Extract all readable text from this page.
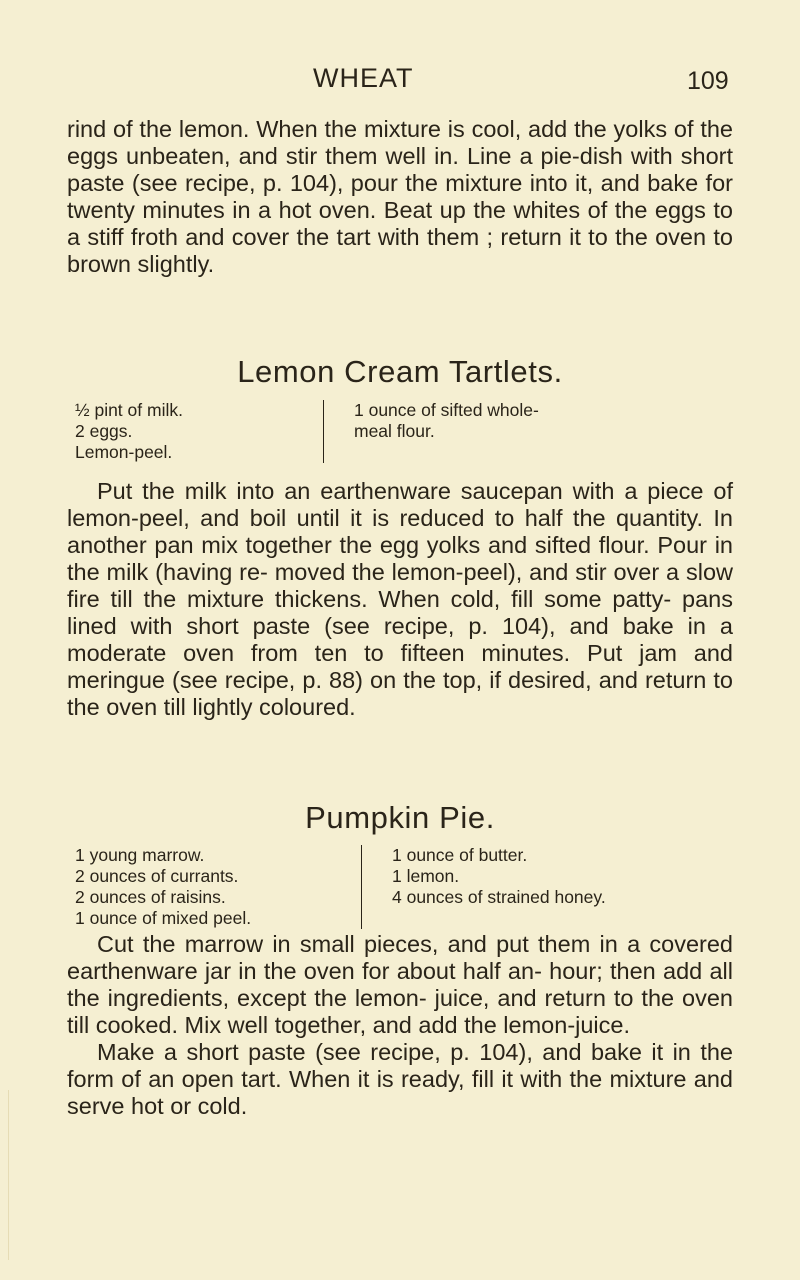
WHEAT	109

rind of the lemon. When the mixture is cool, add the yolks of the eggs unbeaten, and stir them well in. Line a pie-dish with short paste (see recipe, p. 104), pour the mixture into it, and bake for twenty minutes in a hot oven. Beat up the whites of the eggs to a stiff froth and cover the tart with them ; return it to the oven to brown slightly.

Lemon Cream Tartlets.
½ pint of milk.
2 eggs.
Lemon-peel.
1 ounce of sifted whole-
meal flour.

Put the milk into an earthenware saucepan with a piece of lemon-peel, and boil until it is reduced to half the quantity. In another pan mix together the egg yolks and sifted flour. Pour in the milk (having re- moved the lemon-peel), and stir over a slow fire till the mixture thickens. When cold, fill some patty- pans lined with short paste (see recipe, p. 104), and bake in a moderate oven from ten to fifteen minutes. Put jam and meringue (see recipe, p. 88) on the top, if desired, and return to the oven till lightly coloured.

Pumpkin Pie.
1 young marrow.
2 ounces of currants.
2 ounces of raisins.
1 ounce of mixed peel.
1 ounce of butter.
1 lemon.
4 ounces of strained honey.

Cut the marrow in small pieces, and put them in a covered earthenware jar in the oven for about half an- hour; then add all the ingredients, except the lemon- juice, and return to the oven till cooked. Mix well together, and add the lemon-juice.

Make a short paste (see recipe, p. 104), and bake it in the form of an open tart. When it is ready, fill it with the mixture and serve hot or cold.
